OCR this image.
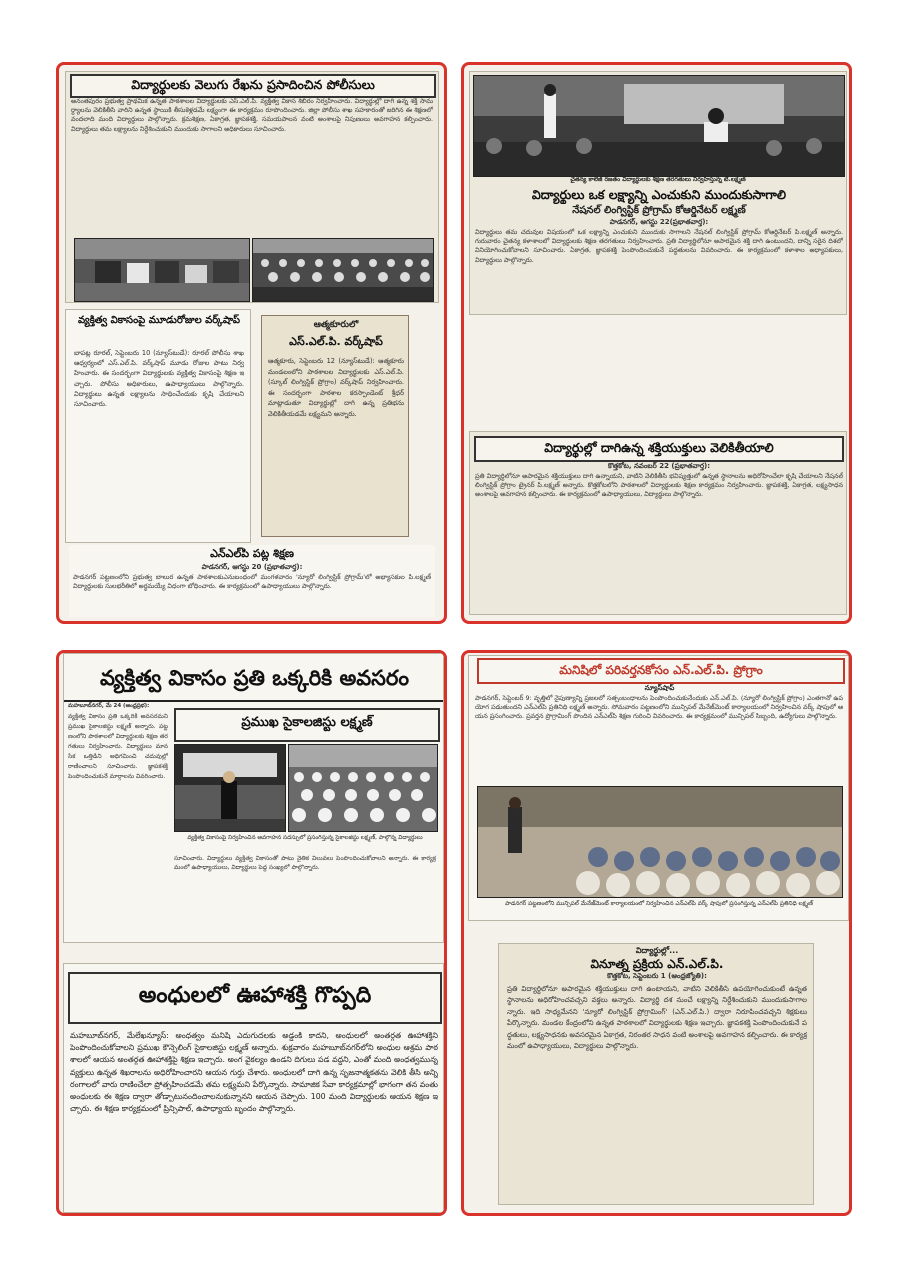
విద్యార్థులకు వెలుగు రేఖను ప్రసాదించిన పోలీసులు
అనంతపురం ప్రభుత్వ ప్రాథమిక ఉన్నత పాఠశాలల విద్యార్థులకు ఎస్.ఎల్.పి. వ్యక్తిత్వ వికాస శిబిరం నిర్వహించారు. విద్యార్థుల్లో దాగి ఉన్న శక్తి సామర్థ్యాలను వెలికితీసి వారిని ఉన్నత స్థాయికి తీసుకెళ్లడమే లక్ష్యంగా ఈ కార్యక్రమం రూపొందించారు. జిల్లా పోలీసు శాఖ సహకారంతో జరిగిన ఈ శిక్షణలో వందలాది మంది విద్యార్థులు పాల్గొన్నారు. క్రమశిక్షణ, ఏకాగ్రత, జ్ఞాపకశక్తి, సమయపాలన వంటి అంశాలపై నిపుణులు అవగాహన కల్పించారు. విద్యార్థులు తమ లక్ష్యాలను నిర్దేశించుకుని ముందుకు సాగాలని అధికారులు సూచించారు.
వ్యక్తిత్వ వికాసంపై మూడురోజుల వర్క్‌షాప్
బాపట్ల రూరల్, సెప్టెంబరు 10 (న్యూస్‌టుడే): రూరల్ పోలీసు శాఖ ఆధ్వర్యంలో ఎస్.ఎల్.పి. వర్క్‌షాప్ మూడు రోజుల పాటు నిర్వహించారు. ఈ సందర్భంగా విద్యార్థులకు వ్యక్తిత్వ వికాసంపై శిక్షణ ఇచ్చారు. పోలీసు అధికారులు, ఉపాధ్యాయులు పాల్గొన్నారు. విద్యార్థులు ఉన్నత లక్ష్యాలను సాధించేందుకు కృషి చేయాలని సూచించారు.
ఆత్మకూరులో
ఎస్.ఎల్.పి. వర్క్‌షాప్
ఆత్మకూరు, సెప్టెంబరు 12 (న్యూస్‌టుడే): ఆత్మకూరు మండలంలోని పాఠశాలల విద్యార్థులకు ఎస్.ఎల్.పి. (స్కూల్ లింగ్విస్టిక్ ప్రోగ్రాం) వర్క్‌షాప్ నిర్వహించారు. ఈ సందర్భంగా పాఠశాల కరస్పాండెంట్ శ్రీధర్ మాట్లాడుతూ విద్యార్థుల్లో దాగి ఉన్న ప్రతిభను వెలికితీయడమే లక్ష్యమని అన్నారు.
ఎన్ఎల్‌పి పట్ల శిక్షణ
పాడనగర్, ఆగస్టు 20 (ప్రభాతవార్త):
పాడనగర్ పట్టణంలోని ప్రభుత్వ బాలుర ఉన్నత పాఠశాలకుఎనుబంధంలో మంగళవారం 'న్యూరో లింగ్విస్టిక్ ప్రోగ్రామ్‌'లో అభ్యాసకుల పి.లక్ష్మణ్ విద్యార్థులకు సులభరీతిలో అర్థమయ్యే విధంగా బోధించారు. ఈ కార్యక్రమంలో ఉపాధ్యాయులు పాల్గొన్నారు.
చైతన్య కాలేజీ రజతం విద్యార్థులకు శిక్షణ తరగతులు నిర్వహిస్తున్న టి.లక్ష్మణ్
విద్యార్థులు ఒక లక్ష్యాన్ని ఎంచుకుని ముందుకుసాగాలి
నేషనల్ లింగ్విస్టిక్ ప్రోగ్రామ్ కోఆర్డినేటర్ లక్ష్మణ్
పాడనగర్, ఆగస్టు 22(ప్రభాతవార్త):
విద్యార్థులు తమ చదువుల విషయంలో ఒక లక్ష్యాన్ని ఎంచుకుని ముందుకు సాగాలని నేషనల్ లింగ్విస్టిక్ ప్రోగ్రామ్ కోఆర్డినేటర్ పి.లక్ష్మణ్ అన్నారు. గురువారం చైతన్య కళాశాలలో విద్యార్థులకు శిక్షణ తరగతులు నిర్వహించారు. ప్రతి విద్యార్థిలోనూ అపారమైన శక్తి దాగి ఉంటుందని, దాన్ని సరైన దిశలో వినియోగించుకోవాలని సూచించారు. ఏకాగ్రత, జ్ఞాపకశక్తి పెంపొందించుకునే పద్ధతులను వివరించారు. ఈ కార్యక్రమంలో కళాశాల అధ్యాపకులు, విద్యార్థులు పాల్గొన్నారు.
విద్యార్థుల్లో దాగిఉన్న శక్తియుక్తులు వెలికితీయాలి
కొత్తకోట, నవంబర్ 22 (ప్రభాతవార్త):
ప్రతి విద్యార్థిలోనూ అపారమైన శక్తియుక్తులు దాగి ఉన్నాయని, వాటిని వెలికితీసి భవిష్యత్తులో ఉన్నత స్థానాలను అధిరోహించేలా కృషి చేయాలని నేషనల్ లింగ్విస్టిక్ ప్రోగ్రాం ట్రైనర్ పి.లక్ష్మణ్ అన్నారు. కొత్తకోటలోని పాఠశాలలో విద్యార్థులకు శిక్షణ కార్యక్రమం నిర్వహించారు. జ్ఞాపకశక్తి, ఏకాగ్రత, లక్ష్యసాధన అంశాలపై అవగాహన కల్పించారు. ఈ కార్యక్రమంలో ఉపాధ్యాయులు, విద్యార్థులు పాల్గొన్నారు.
వ్యక్తిత్వ వికాసం ప్రతి ఒక్కరికి అవసరం
వ్యక్తిత్వ వికాసం ప్రతి ఒక్కరికి అవసరమని ప్రముఖ సైకాలజిస్టు లక్ష్మణ్ అన్నారు. పట్టణంలోని పాఠశాలలో విద్యార్థులకు శిక్షణ తరగతులు నిర్వహించారు. విద్యార్థులు మానసిక ఒత్తిడిని అధిగమించి చదువుల్లో రాణించాలని సూచించారు. జ్ఞాపకశక్తి పెంపొందించుకునే మార్గాలను వివరించారు.
మహబూబ్‌నగర్, మే 24 (ఆంధ్రప్రభ):
ప్రముఖ సైకాలజిస్టు లక్ష్మణ్
వ్యక్తిత్వ వికాసంపై నిర్వహించిన ఆవగాహన సదస్సులో ప్రసంగిస్తున్న సైకాలజిస్టు లక్ష్మణ్, పాల్గొన్న విద్యార్థులు
సూచించారు. విద్యార్థులు వ్యక్తిత్వ వికాసంతో పాటు నైతిక విలువలు పెంపొందించుకోవాలని అన్నారు. ఈ కార్యక్రమంలో ఉపాధ్యాయులు, విద్యార్థులు పెద్ద సంఖ్యలో పాల్గొన్నారు.
అంధులలో ఊహాశక్తి గొప్పది
మహబూబ్‌నగర్, మేలేఖన్యూస్: అంధత్వం మనిషి ఎదుగుదలకు అడ్డంకి కాదని, అంధులలో అంతర్గత ఊహాశక్తిని పెంపొందించుకోవాలని ప్రముఖ కౌన్సెలింగ్ సైకాలజిస్టు లక్ష్మణ్ అన్నారు. శుక్రవారం మహబూబ్‌నగర్‌లోని అంధుల ఆశ్రమ పాఠశాలలో ఆయన అంతర్గత ఊహాశక్తిపై శిక్షణ ఇచ్చారు. అంగ వైకల్యం ఉండని దిగులు పడ వద్దని, ఎంతో మంది అంధత్వమున్న వ్యక్తులు ఉన్నత శిఖరాలను అధిరోహించారని ఆయన గుర్తు చేశారు. అంధులలో దాగి ఉన్న సృజనాత్మకతను వెలికి తీసి అన్ని రంగాలలో వారు రాణించేలా ప్రోత్సహించడమే తమ లక్ష్యమని పేర్కొన్నారు. సామాజిక సేవా కార్యక్రమాల్లో భాగంగా తన వంతు అంధులకు ఈ శిక్షణ ద్వారా తోడ్పాటునందించాలనుకున్నానని ఆయన చెప్పారు. 100 మంది విద్యార్థులకు ఆయన శిక్షణ ఇచ్చారు. ఈ శిక్షణ కార్యక్రమంలో ప్రిన్సిపాల్, ఉపాధ్యాయ బృందం పాల్గొన్నారు.
మనిషిలో పరివర్తనకోసం ఎన్.ఎల్.పి. ప్రోగ్రాం
న్యూస్‌షాప్
పాడనగర్, సెప్టెంబర్ 9: వృత్తిలో నైపుణ్యాన్ని ప్రజలలో సత్సంబంధాలను పెంపొందించుకునేందుకు ఎన్.ఎల్.పి. (న్యూరో లింగ్విస్టిక్ ప్రోగ్రాం) ఎంతగానో ఉపయోగ పడుతుందని ఎన్ఎల్‌పి ప్రతినిధి లక్ష్మణ్ అన్నారు. సోమవారం పట్టణంలోని మున్సిపల్ మేనేజ్‌మెంట్ కార్యాలయంలో నిర్వహించిన వర్క్ షాపులో ఆయన ప్రసంగించారు. ప్రవర్తన ప్రొగ్రామింగ్ పొందిన ఎన్ఎల్‌పి శిక్షణ గురించి వివరించారు. ఈ కార్యక్రమంలో మున్సిపల్ సిబ్బంది, ఉద్యోగులు పాల్గొన్నారు.
పాడనగర్ పట్టణంలోని మున్సిపల్ మేనేజ్‌మెంట్ కార్యాలయంలో నిర్వహించిన ఎన్ఎల్‌పి వర్క్ షాపులో ప్రసంగిస్తున్న ఎన్ఎల్‌పి ప్రతినిధి లక్ష్మణ్
విద్యార్థుల్లో...
వినూత్న ప్రక్రియ ఎన్.ఎల్.పి.
కొత్తకోట, సెప్టెంబరు 1 (ఆంధ్రజ్యోతి):
ప్రతి విద్యార్థిలోనూ అపారమైన శక్తియుక్తులు దాగి ఉంటాయని, వాటిని వెలికితీసి ఉపయోగించుకుంటే ఉన్నత స్థానాలను అధిరోహించవచ్చని వక్తలు అన్నారు. విద్యార్థి దశ నుంచే లక్ష్యాన్ని నిర్దేశించుకుని ముందుకుసాగాలన్నారు. ఇది సాధ్యమేనని 'న్యూరో లింగ్విస్టిక్ ప్రోగ్రామింగ్' (ఎన్.ఎల్.పి.) ద్వారా నిరూపించవచ్చని శిక్షకులు పేర్కొన్నారు. మండల కేంద్రంలోని ఉన్నత పాఠశాలలో విద్యార్థులకు శిక్షణ ఇచ్చారు. జ్ఞాపకశక్తి పెంపొందించుకునే పద్ధతులు, లక్ష్యసాధనకు అవసరమైన ఏకాగ్రత, నిరంతర సాధన వంటి అంశాలపై అవగాహన కల్పించారు. ఈ కార్యక్రమంలో ఉపాధ్యాయులు, విద్యార్థులు పాల్గొన్నారు.
